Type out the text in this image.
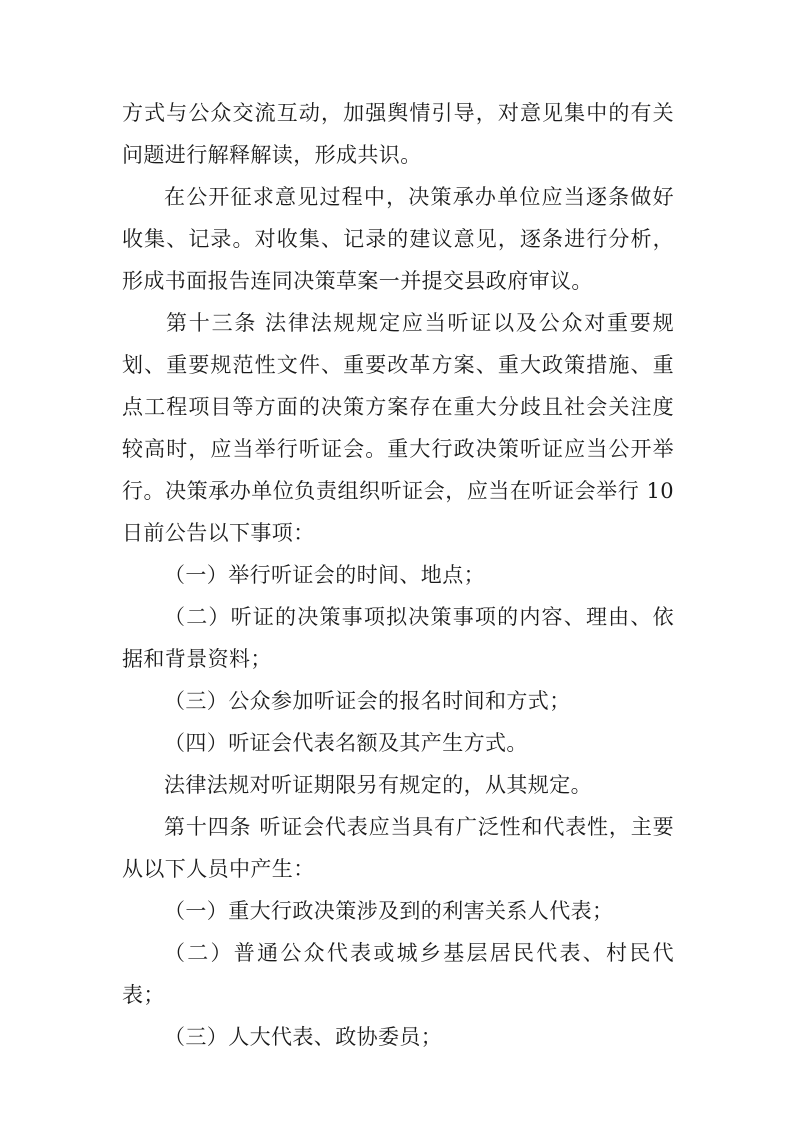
方式与公众交流互动，加强舆情引导，对意见集中的有关问题进行解释解读，形成共识。

在公开征求意见过程中，决策承办单位应当逐条做好收集、记录。对收集、记录的建议意见，逐条进行分析，形成书面报告连同决策草案一并提交县政府审议。

第十三条 法律法规规定应当听证以及公众对重要规划、重要规范性文件、重要改革方案、重大政策措施、重点工程项目等方面的决策方案存在重大分歧且社会关注度较高时，应当举行听证会。重大行政决策听证应当公开举行。决策承办单位负责组织听证会，应当在听证会举行 10 日前公告以下事项：

（一）举行听证会的时间、地点；

（二）听证的决策事项拟决策事项的内容、理由、依据和背景资料；

（三）公众参加听证会的报名时间和方式；

（四）听证会代表名额及其产生方式。

法律法规对听证期限另有规定的，从其规定。

第十四条 听证会代表应当具有广泛性和代表性，主要从以下人员中产生：

（一）重大行政决策涉及到的利害关系人代表；

（二）普通公众代表或城乡基层居民代表、村民代表；

（三）人大代表、政协委员；
